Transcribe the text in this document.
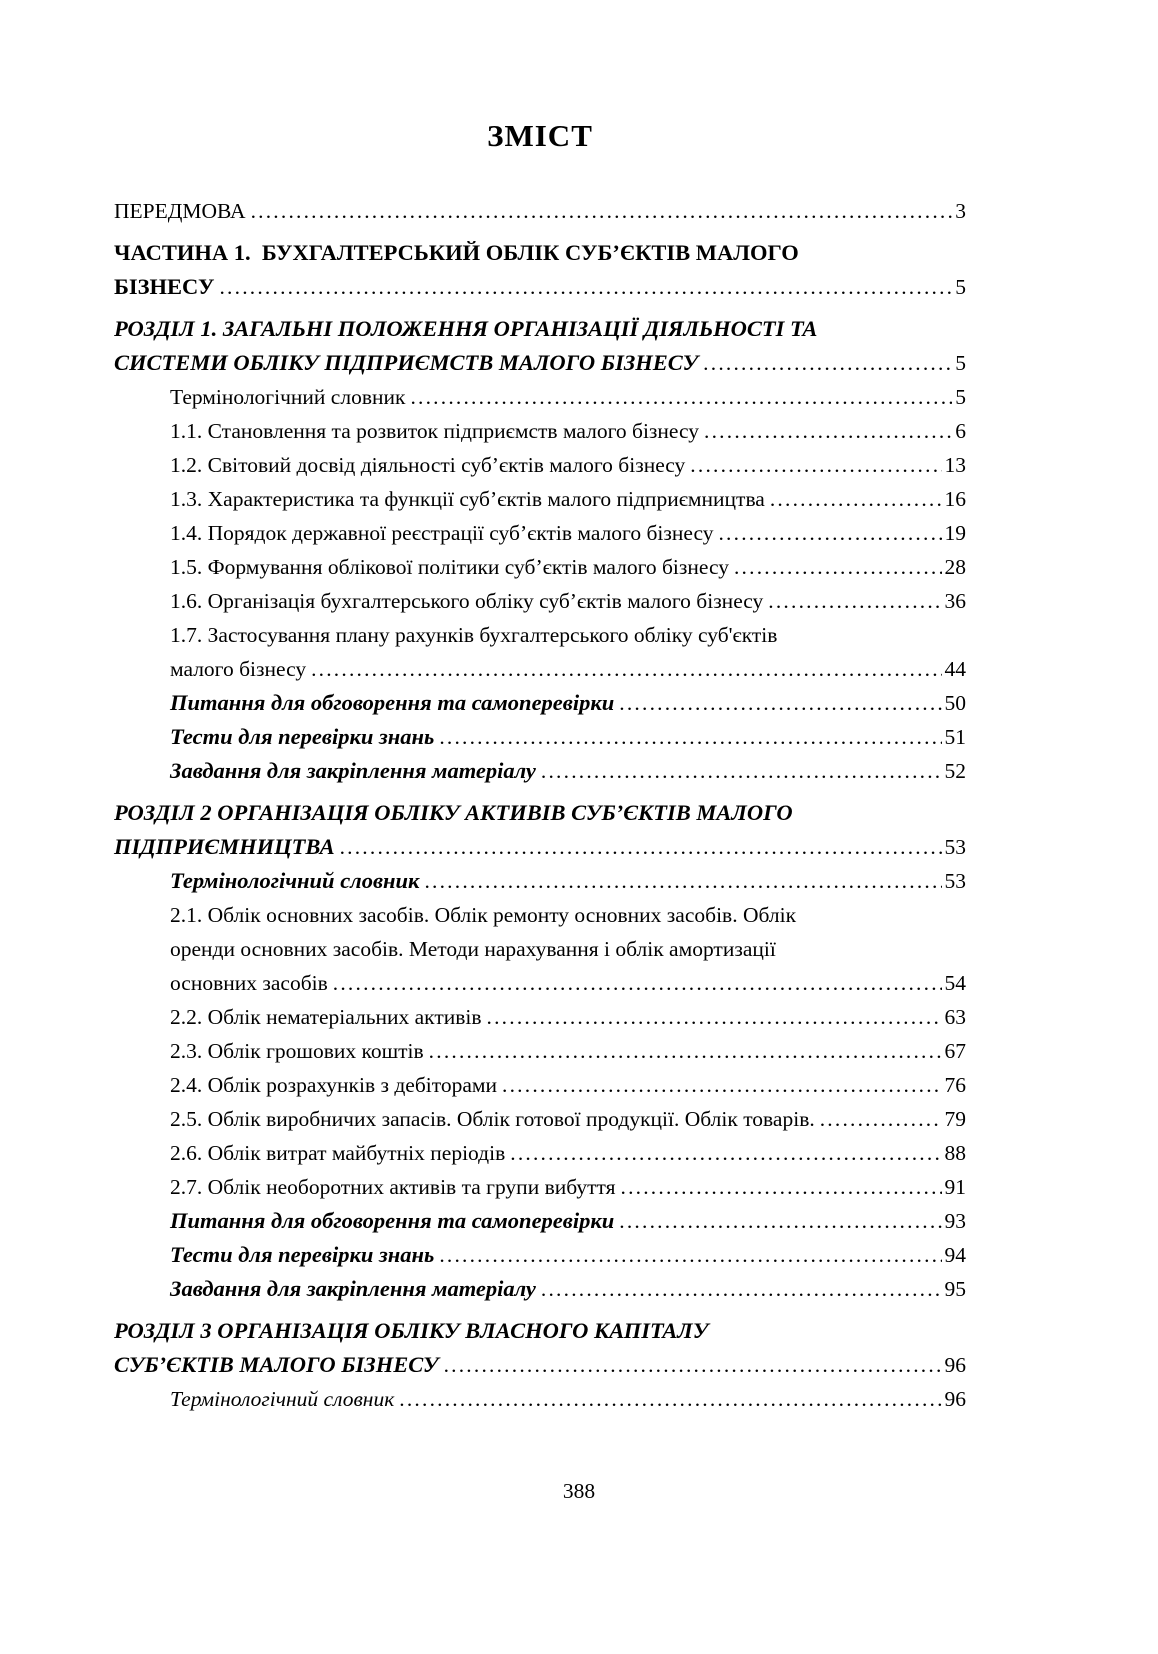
ЗМІСТ
ПЕРЕДМОВА .....	3
ЧАСТИНА 1.  БУХГАЛТЕРСЬКИЙ ОБЛІК СУБ’ЄКТІВ МАЛОГО
БІЗНЕСУ .....	5
РОЗДІЛ 1. ЗАГАЛЬНІ ПОЛОЖЕННЯ ОРГАНІЗАЦІЇ ДІЯЛЬНОСТІ ТА
СИСТЕМИ ОБЛІКУ ПІДПРИЄМСТВ МАЛОГО БІЗНЕСУ .....	5
Термінологічний словник .....	5
1.1. Становлення та розвиток підприємств малого бізнесу .....	6
1.2. Світовий досвід діяльності суб’єктів малого бізнесу .....	13
1.3. Характеристика та функції суб’єктів малого підприємництва .....	16
1.4. Порядок державної реєстрації суб’єктів малого бізнесу .....	19
1.5. Формування облікової політики суб’єктів малого бізнесу .....	28
1.6. Організація бухгалтерського обліку суб’єктів малого бізнесу .....	36
1.7. Застосування плану рахунків бухгалтерського обліку суб'єктів
малого бізнесу .....	44
Питання для обговорення та самоперевірки .....	50
Тести для перевірки знань .....	51
Завдання для закріплення матеріалу .....	52
РОЗДІЛ 2 ОРГАНІЗАЦІЯ ОБЛІКУ АКТИВІВ СУБ’ЄКТІВ МАЛОГО
ПІДПРИЄМНИЦТВА .....	53
Термінологічний словник .....	53
2.1. Облік основних засобів. Облік ремонту основних засобів. Облік
оренди основних засобів. Методи нарахування і облік амортизації
основних засобів .....	54
2.2. Облік нематеріальних активів .....	63
2.3. Облік грошових коштів .....	67
2.4. Облік розрахунків з дебіторами .....	76
2.5. Облік виробничих запасів. Облік готової продукції. Облік товарів. .....	79
2.6. Облік витрат майбутніх періодів .....	88
2.7. Облік необоротних активів та групи вибуття .....	91
Питання для обговорення та самоперевірки .....	93
Тести для перевірки знань .....	94
Завдання для закріплення матеріалу .....	95
РОЗДІЛ 3 ОРГАНІЗАЦІЯ ОБЛІКУ ВЛАСНОГО КАПІТАЛУ
СУБ’ЄКТІВ МАЛОГО БІЗНЕСУ .....	96
Термінологічний словник .....	96
388
